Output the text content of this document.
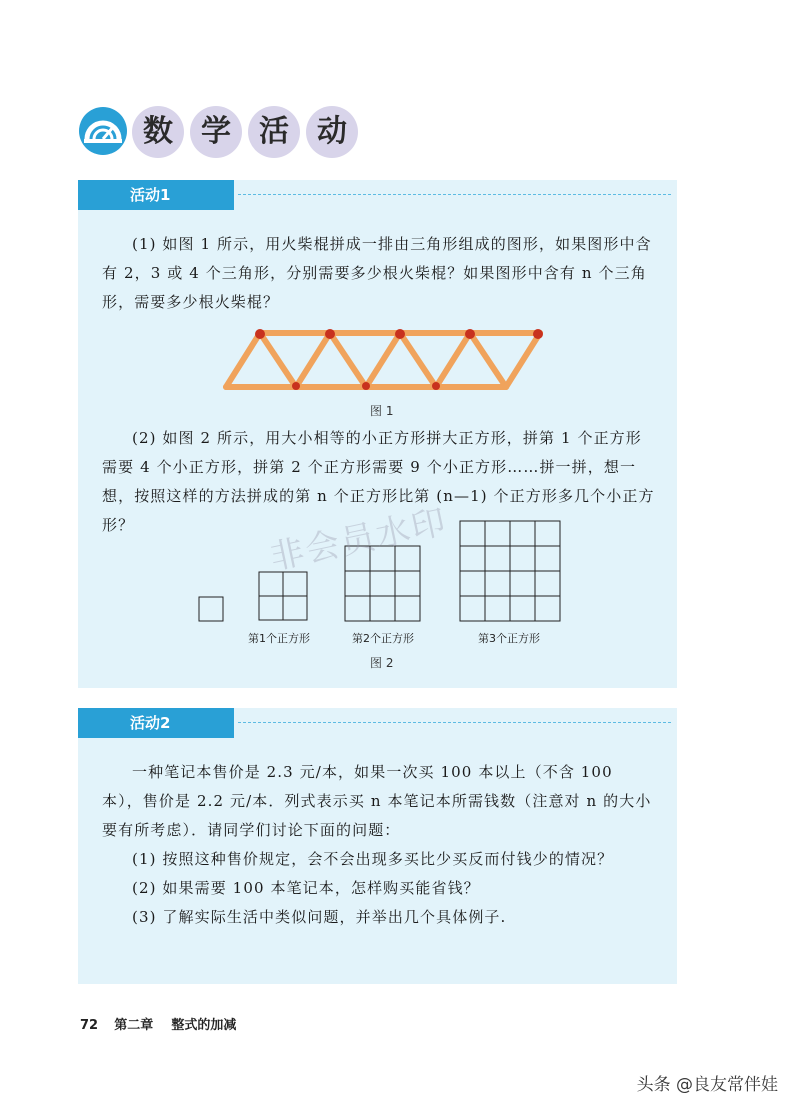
数 学 活 动
活动1

(1) 如图 1 所示，用火柴棍拼成一排由三角形组成的图形，如果图形中含有 2，3 或 4 个三角形，分别需要多少根火柴棍？如果图形中含有 n 个三角形，需要多少根火柴棍？

图 1

(2) 如图 2 所示，用大小相等的小正方形拼大正方形，拼第 1 个正方形需要 4 个小正方形，拼第 2 个正方形需要 9 个小正方形……拼一拼，想一想，按照这样的方法拼成的第 n 个正方形比第 (n—1) 个正方形多几个小正方形？

第1个正方形	第2个正方形	第3个正方形
图 2
非会员水印
活动2

一种笔记本售价是 2.3 元/本，如果一次买 100 本以上（不含 100 本），售价是 2.2 元/本．列式表示买 n 本笔记本所需钱数（注意对 n 的大小要有所考虑）．请同学们讨论下面的问题：

(1) 按照这种售价规定，会不会出现多买比少买反而付钱少的情况？

(2) 如果需要 100 本笔记本，怎样购买能省钱？

(3) 了解实际生活中类似问题，并举出几个具体例子.

72 第二章 整式的加减
头条 @良友常伴娃
